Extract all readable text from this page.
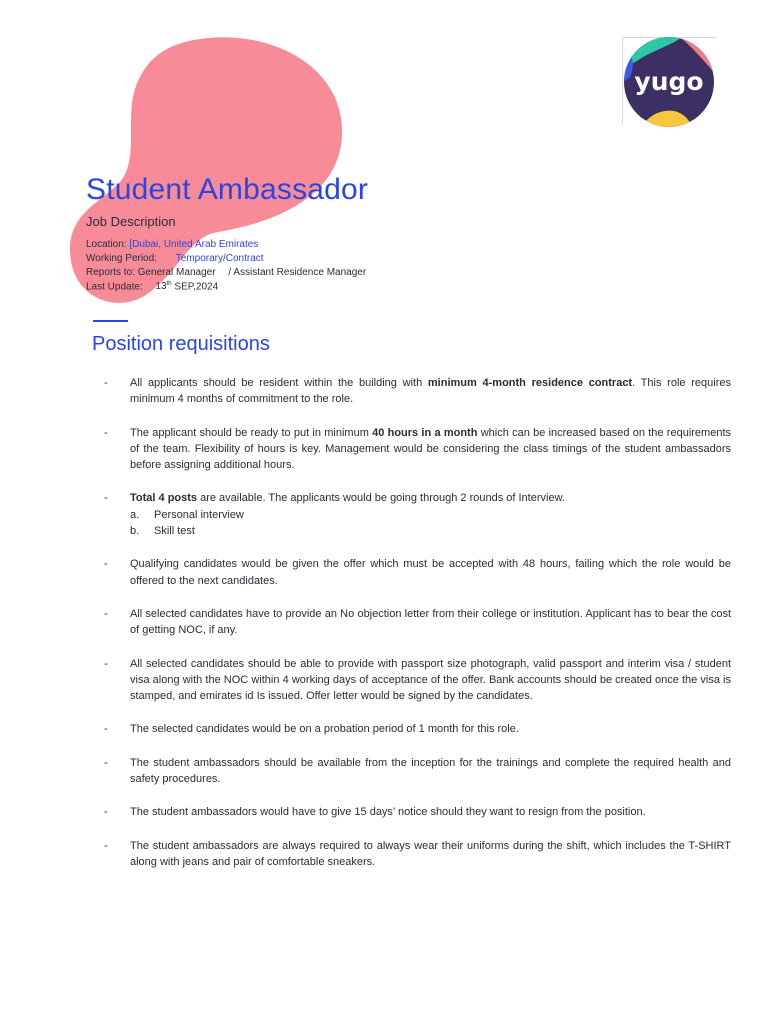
yugo
Student Ambassador
Job Description
Location: [Dubai, United Arab Emirates
Working Period: Temporary/Contract
Reports to: General Manager / Assistant Residence Manager
Last Update: 13th SEP,2024
Position requisitions
- All applicants should be resident within the building with minimum 4-month residence contract. This role requires minimum 4 months of commitment to the role.
- The applicant should be ready to put in minimum 40 hours in a month which can be increased based on the requirements of the team. Flexibility of hours is key. Management would be considering the class timings of the student ambassadors before assigning additional hours.
- Total 4 posts are available. The applicants would be going through 2 rounds of Interview.
a. Personal interview
b. Skill test
- Qualifying candidates would be given the offer which must be accepted with 48 hours, failing which the role would be offered to the next candidates.
- All selected candidates have to provide an No objection letter from their college or institution. Applicant has to bear the cost of getting NOC, if any.
- All selected candidates should be able to provide with passport size photograph, valid passport and interim visa / student visa along with the NOC within 4 working days of acceptance of the offer. Bank accounts should be created once the visa is stamped, and emirates id Is issued. Offer letter would be signed by the candidates.
- The selected candidates would be on a probation period of 1 month for this role.
- The student ambassadors should be available from the inception for the trainings and complete the required health and safety procedures.
- The student ambassadors would have to give 15 days’ notice should they want to resign from the position.
- The student ambassadors are always required to always wear their uniforms during the shift, which includes the T-SHIRT along with jeans and pair of comfortable sneakers.
